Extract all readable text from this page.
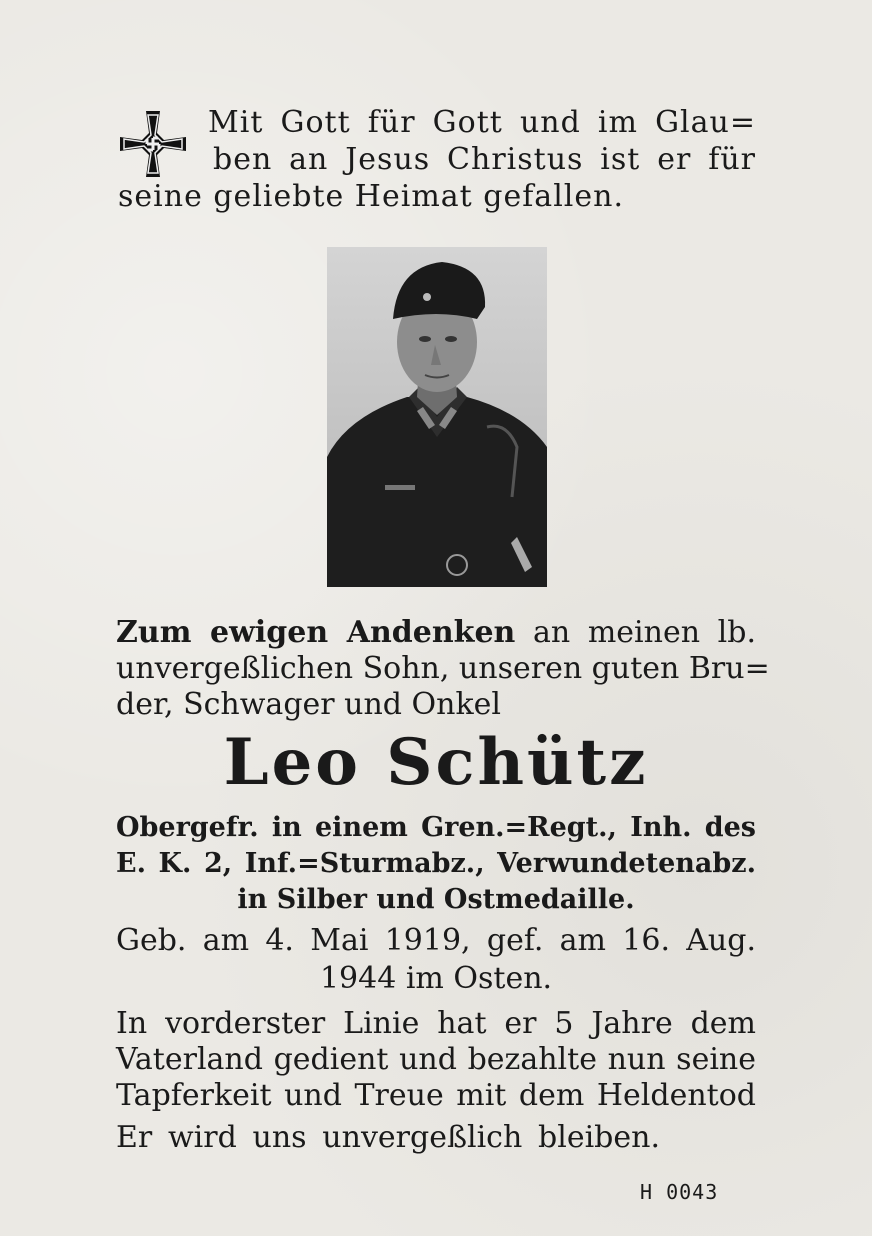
Mit Gott für Gott und im Glau=
ben an Jesus Christus ist er für
seine geliebte Heimat gefallen.
Zum ewigen Andenken an meinen lb.
unvergeßlichen Sohn, unseren guten Bru=
der, Schwager und Onkel
Leo Schütz
Obergefr. in einem Gren.=Regt., Inh. des
E. K. 2, Inf.=Sturmabz., Verwundetenabz.
in Silber und Ostmedaille.
Geb. am 4. Mai 1919, gef. am 16. Aug.
1944 im Osten.
In vorderster Linie hat er 5 Jahre dem
Vaterland gedient und bezahlte nun seine
Tapferkeit und Treue mit dem Heldentod
Er wird uns unvergeßlich bleiben.
H 0043
